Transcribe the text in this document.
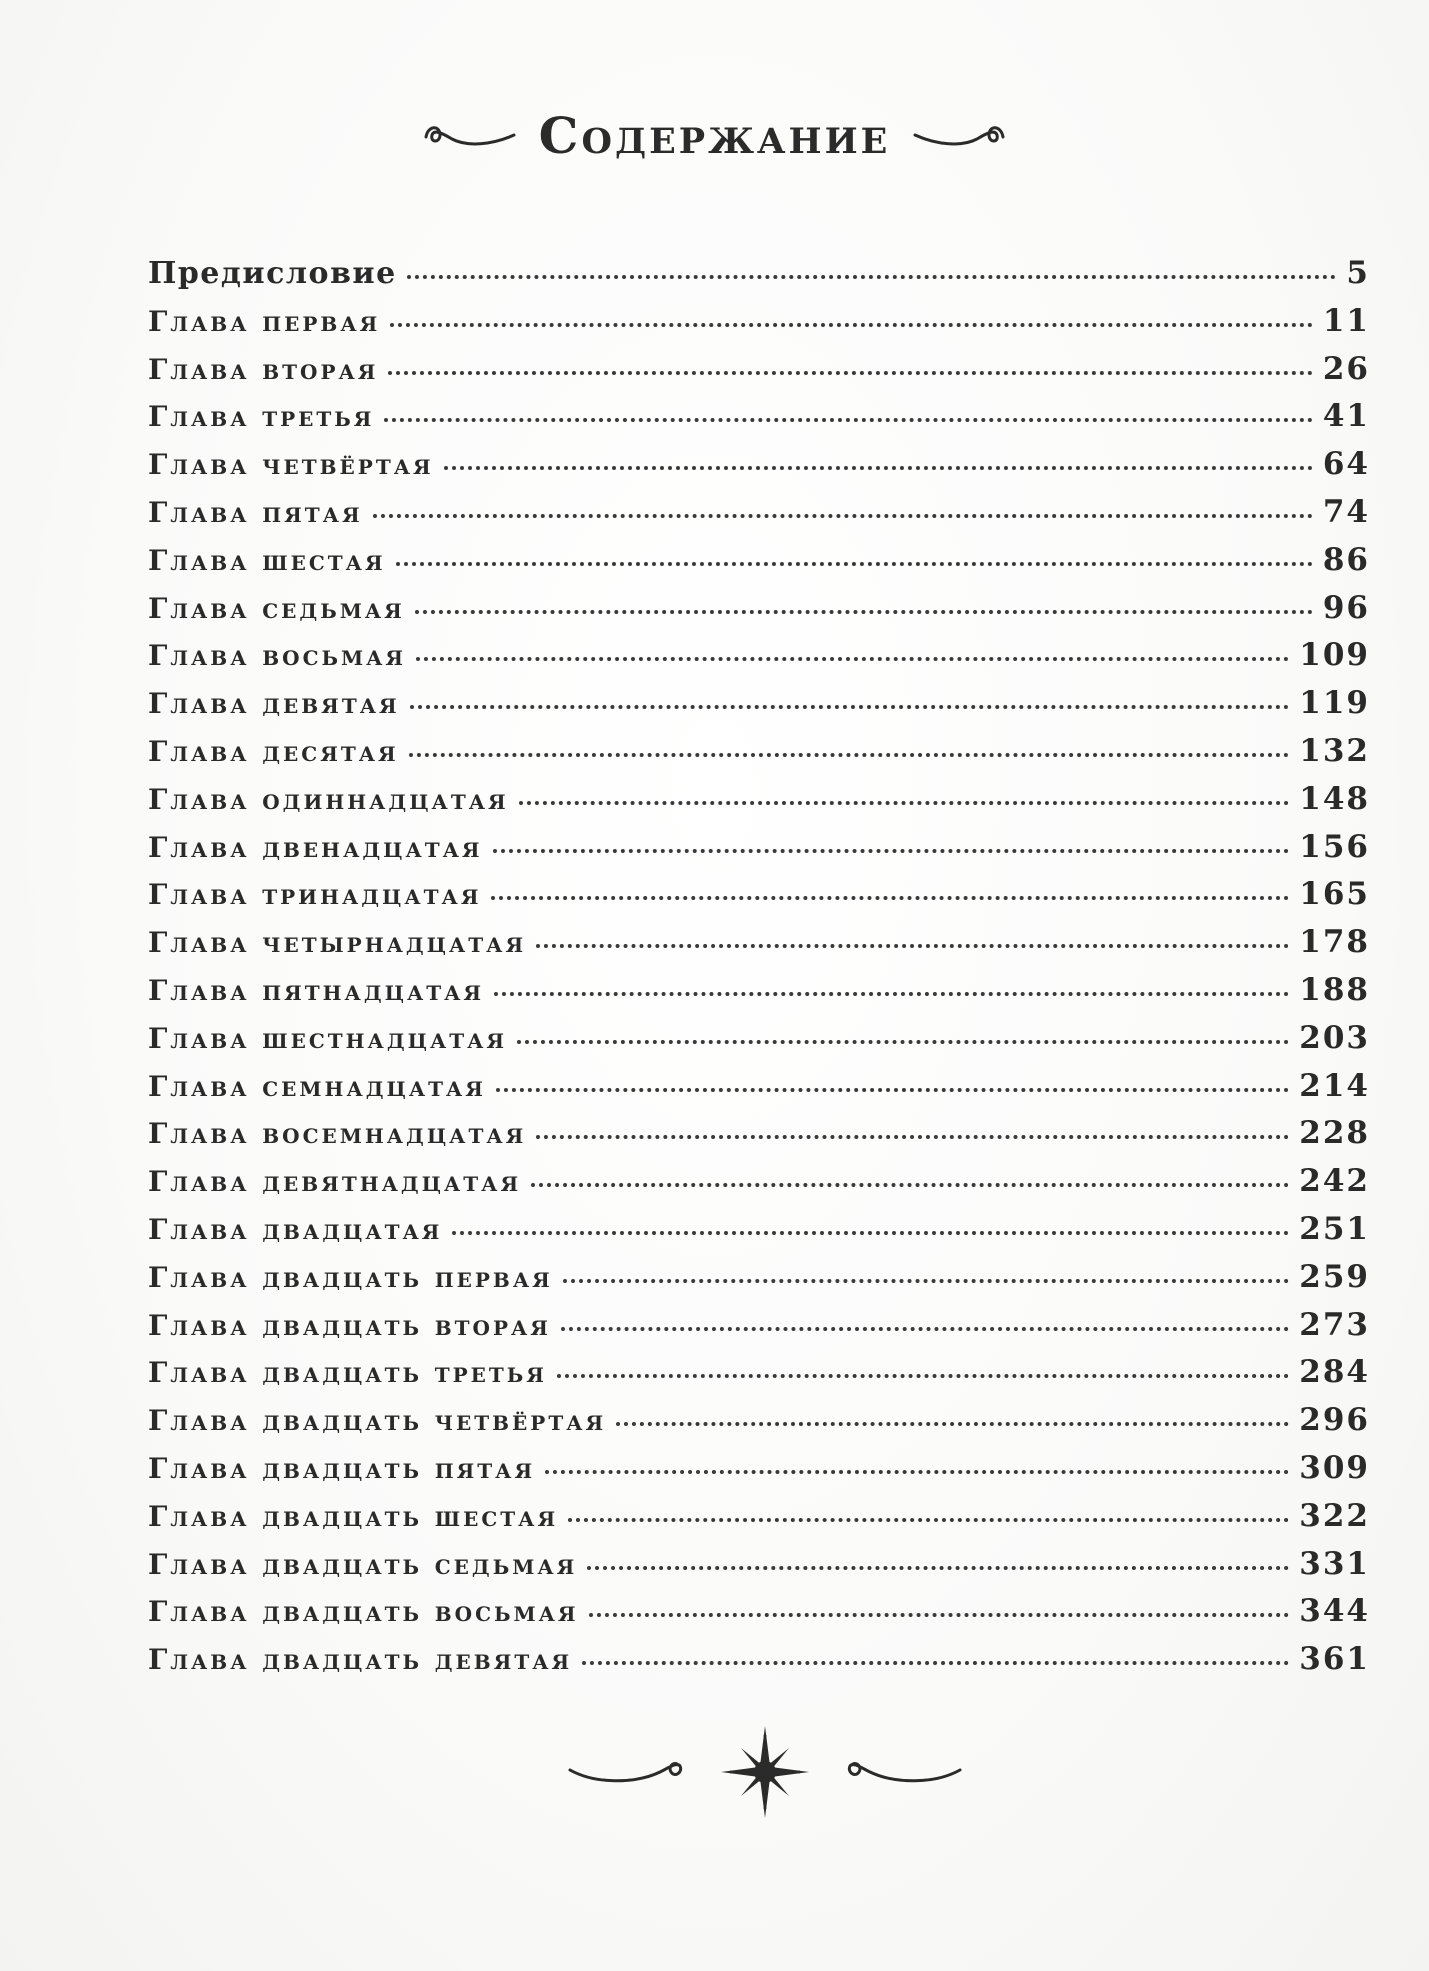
Содержание
Предисловие	5
Глава первая	11
Глава вторая	26
Глава третья	41
Глава четвёртая	64
Глава пятая	74
Глава шестая	86
Глава седьмая	96
Глава восьмая	109
Глава девятая	119
Глава десятая	132
Глава одиннадцатая	148
Глава двенадцатая	156
Глава тринадцатая	165
Глава четырнадцатая	178
Глава пятнадцатая	188
Глава шестнадцатая	203
Глава семнадцатая	214
Глава восемнадцатая	228
Глава девятнадцатая	242
Глава двадцатая	251
Глава двадцать первая	259
Глава двадцать вторая	273
Глава двадцать третья	284
Глава двадцать четвёртая	296
Глава двадцать пятая	309
Глава двадцать шестая	322
Глава двадцать седьмая	331
Глава двадцать восьмая	344
Глава двадцать девятая	361
